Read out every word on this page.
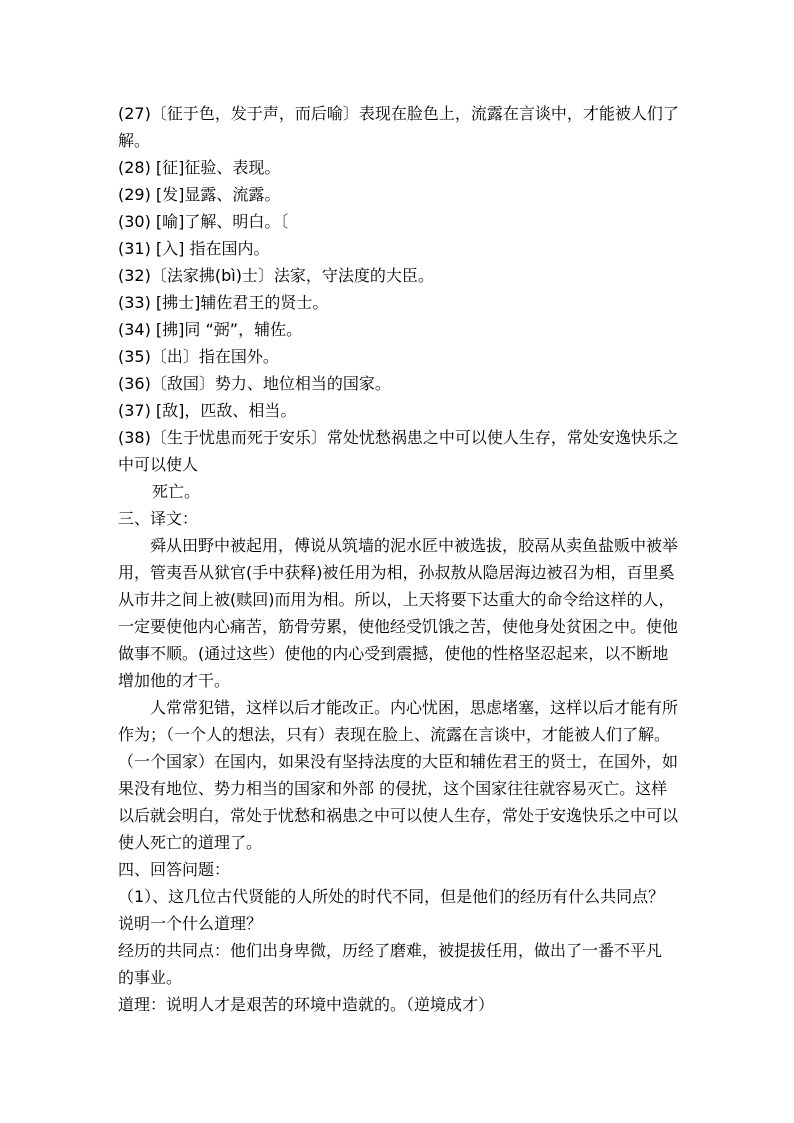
(27)〔征于色，发于声，而后喻〕表现在脸色上，流露在言谈中，才能被人们了
解。
(28) [征]征验、表现。
(29) [发]显露、流露。
(30) [喻]了解、明白。〔
(31) [入] 指在国内。
(32)〔法家拂(bì)士〕法家，守法度的大臣。
(33) [拂士]辅佐君王的贤士。
(34) [拂]同 “弼”，辅佐。
(35)〔出〕指在国外。
(36)〔敌国〕势力、地位相当的国家。
(37) [敌]，匹敌、相当。
(38)〔生于忧患而死于安乐〕常处忧愁祸患之中可以使人生存，常处安逸快乐之
中可以使人
死亡。
三、译文：
舜从田野中被起用，傅说从筑墙的泥水匠中被选拔，胶鬲从卖鱼盐贩中被举
用，管夷吾从狱官(手中获释)被任用为相，孙叔敖从隐居海边被召为相，百里奚
从市井之间上被(赎回)而用为相。所以，上天将要下达重大的命令给这样的人，
一定要使他内心痛苦，筋骨劳累，使他经受饥饿之苦，使他身处贫困之中。使他
做事不顺。(通过这些）使他的内心受到震撼，使他的性格坚忍起来，以不断地
增加他的才干。
人常常犯错，这样以后才能改正。内心忧困，思虑堵塞，这样以后才能有所
作为；（一个人的想法，只有）表现在脸上、流露在言谈中，才能被人们了解。
（一个国家）在国内，如果没有坚持法度的大臣和辅佐君王的贤士，在国外，如
果没有地位、势力相当的国家和外部 的侵扰，这个国家往往就容易灭亡。这样
以后就会明白，常处于忧愁和祸患之中可以使人生存，常处于安逸快乐之中可以
使人死亡的道理了。
四、回答问题：
（1）、这几位古代贤能的人所处的时代不同，但是他们的经历有什么共同点？
说明一个什么道理？
经历的共同点：他们出身卑微，历经了磨难，被提拔任用，做出了一番不平凡
的事业。
道理：说明人才是艰苦的环境中造就的。（逆境成才）
